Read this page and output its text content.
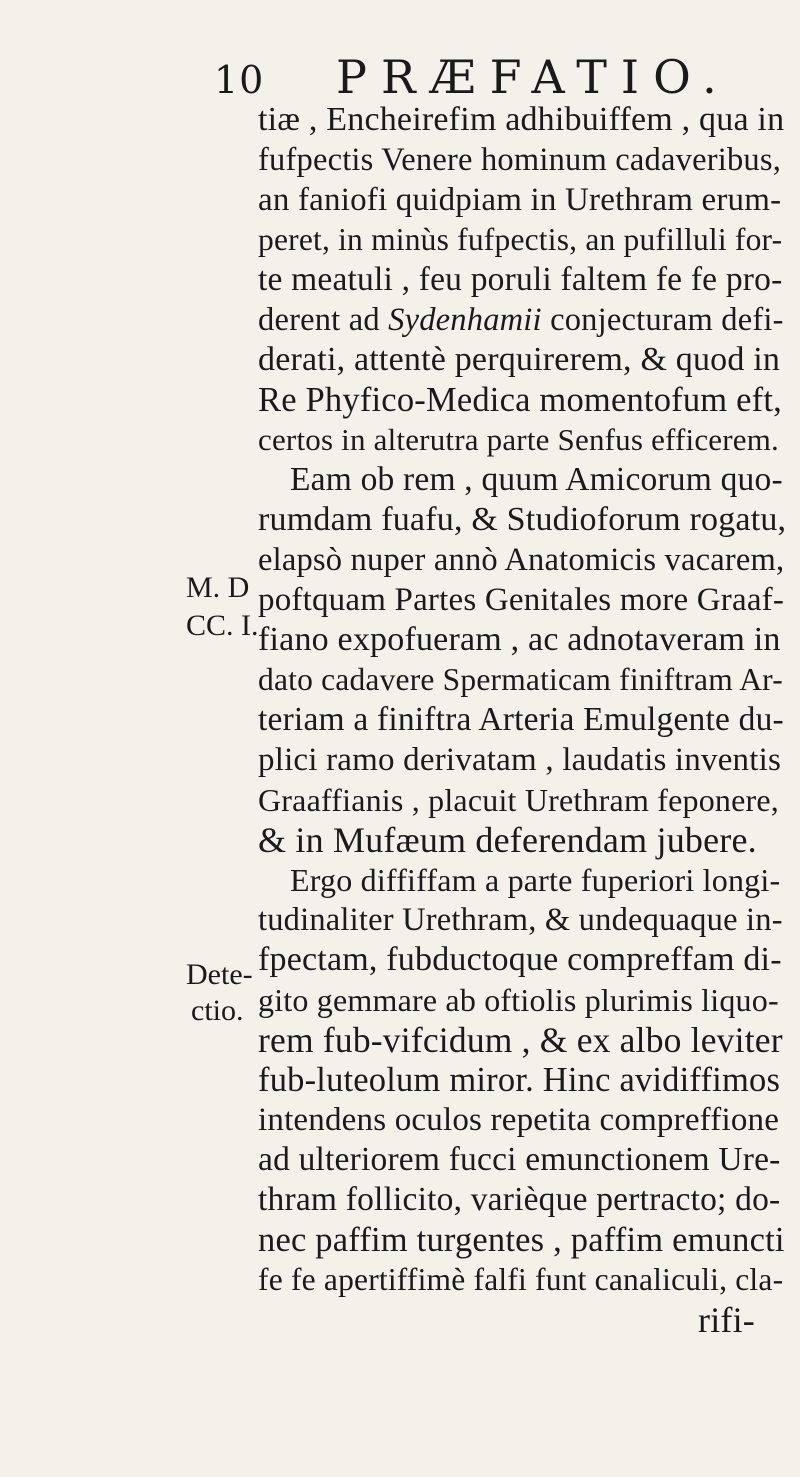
10 PRÆFATIO.
M. D
CC. I.
Dete-
ctio.
tiæ , Encheirefim adhibuiffem , qua in
fufpectis Venere hominum cadaveribus,
an faniofi quidpiam in Urethram erum-
peret, in minùs fufpectis, an pufilluli for-
te meatuli , feu poruli faltem fe fe pro-
derent ad Sydenhamii conjecturam defi-
derati, attentè perquirerem, & quod in
Re Phyfico-Medica momentofum eft,
certos in alterutra parte Senfus efficerem.
Eam ob rem , quum Amicorum quo-
rumdam fuafu, & Studioforum rogatu,
elapsò nuper annò Anatomicis vacarem,
poftquam Partes Genitales more Graaf-
fiano expofueram , ac adnotaveram in
dato cadavere Spermaticam finiftram Ar-
teriam a finiftra Arteria Emulgente du-
plici ramo derivatam , laudatis inventis
Graaffianis , placuit Urethram feponere,
& in Mufæum deferendam jubere.
Ergo diffiffam a parte fuperiori longi-
tudinaliter Urethram, & undequaque in-
fpectam, fubductoque compreffam di-
gito gemmare ab oftiolis plurimis liquo-
rem fub-vifcidum , & ex albo leviter
fub-luteolum miror. Hinc avidiffimos
intendens oculos repetita compreffione
ad ulteriorem fucci emunctionem Ure-
thram follicito, varièque pertracto; do-
nec paffim turgentes , paffim emuncti
fe fe apertiffimè falfi funt canaliculi, cla-
rifi-
